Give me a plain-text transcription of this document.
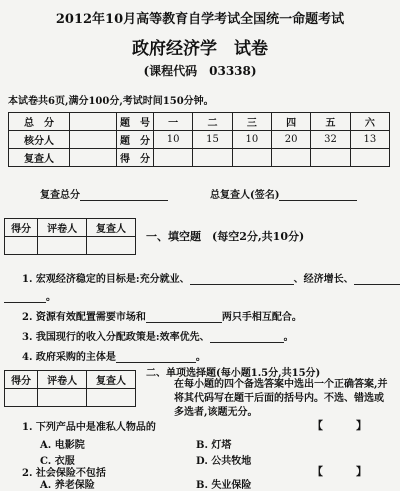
2012年10月高等教育自学考试全国统一命题考试
政府经济学　试卷
(课程代码　03338)
本试卷共6页,满分100分,考试时间150分钟。
总　分		题　号	一	二	三	四	五	六
核分人		题　分	10	15	10	20	32	13
复查人		得　分						
复查总分	总复查人(签名)
得分	评卷人	复查人

一、填空题　(每空2分,共10分)
1. 宏观经济稳定的目标是:充分就业、	、经济增长、
。
2. 资源有效配置需要市场和	两只手相互配合。
3. 我国现行的收入分配政策是:效率优先、	。
4. 政府采购的主体是	。
二、单项选择题(每小题1.5分,共15分)
在每小题的四个备选答案中选出一个正确答案,并将其代码写在题干后面的括号内。不选、错选或多选者,该题无分。
得分	评卷人	复查人

1. 下列产品中是准私人物品的	【　　　】
A. 电影院	B. 灯塔
C. 衣服	D. 公共牧地
2. 社会保险不包括	【　　　】
A. 养老保险	B. 失业保险
